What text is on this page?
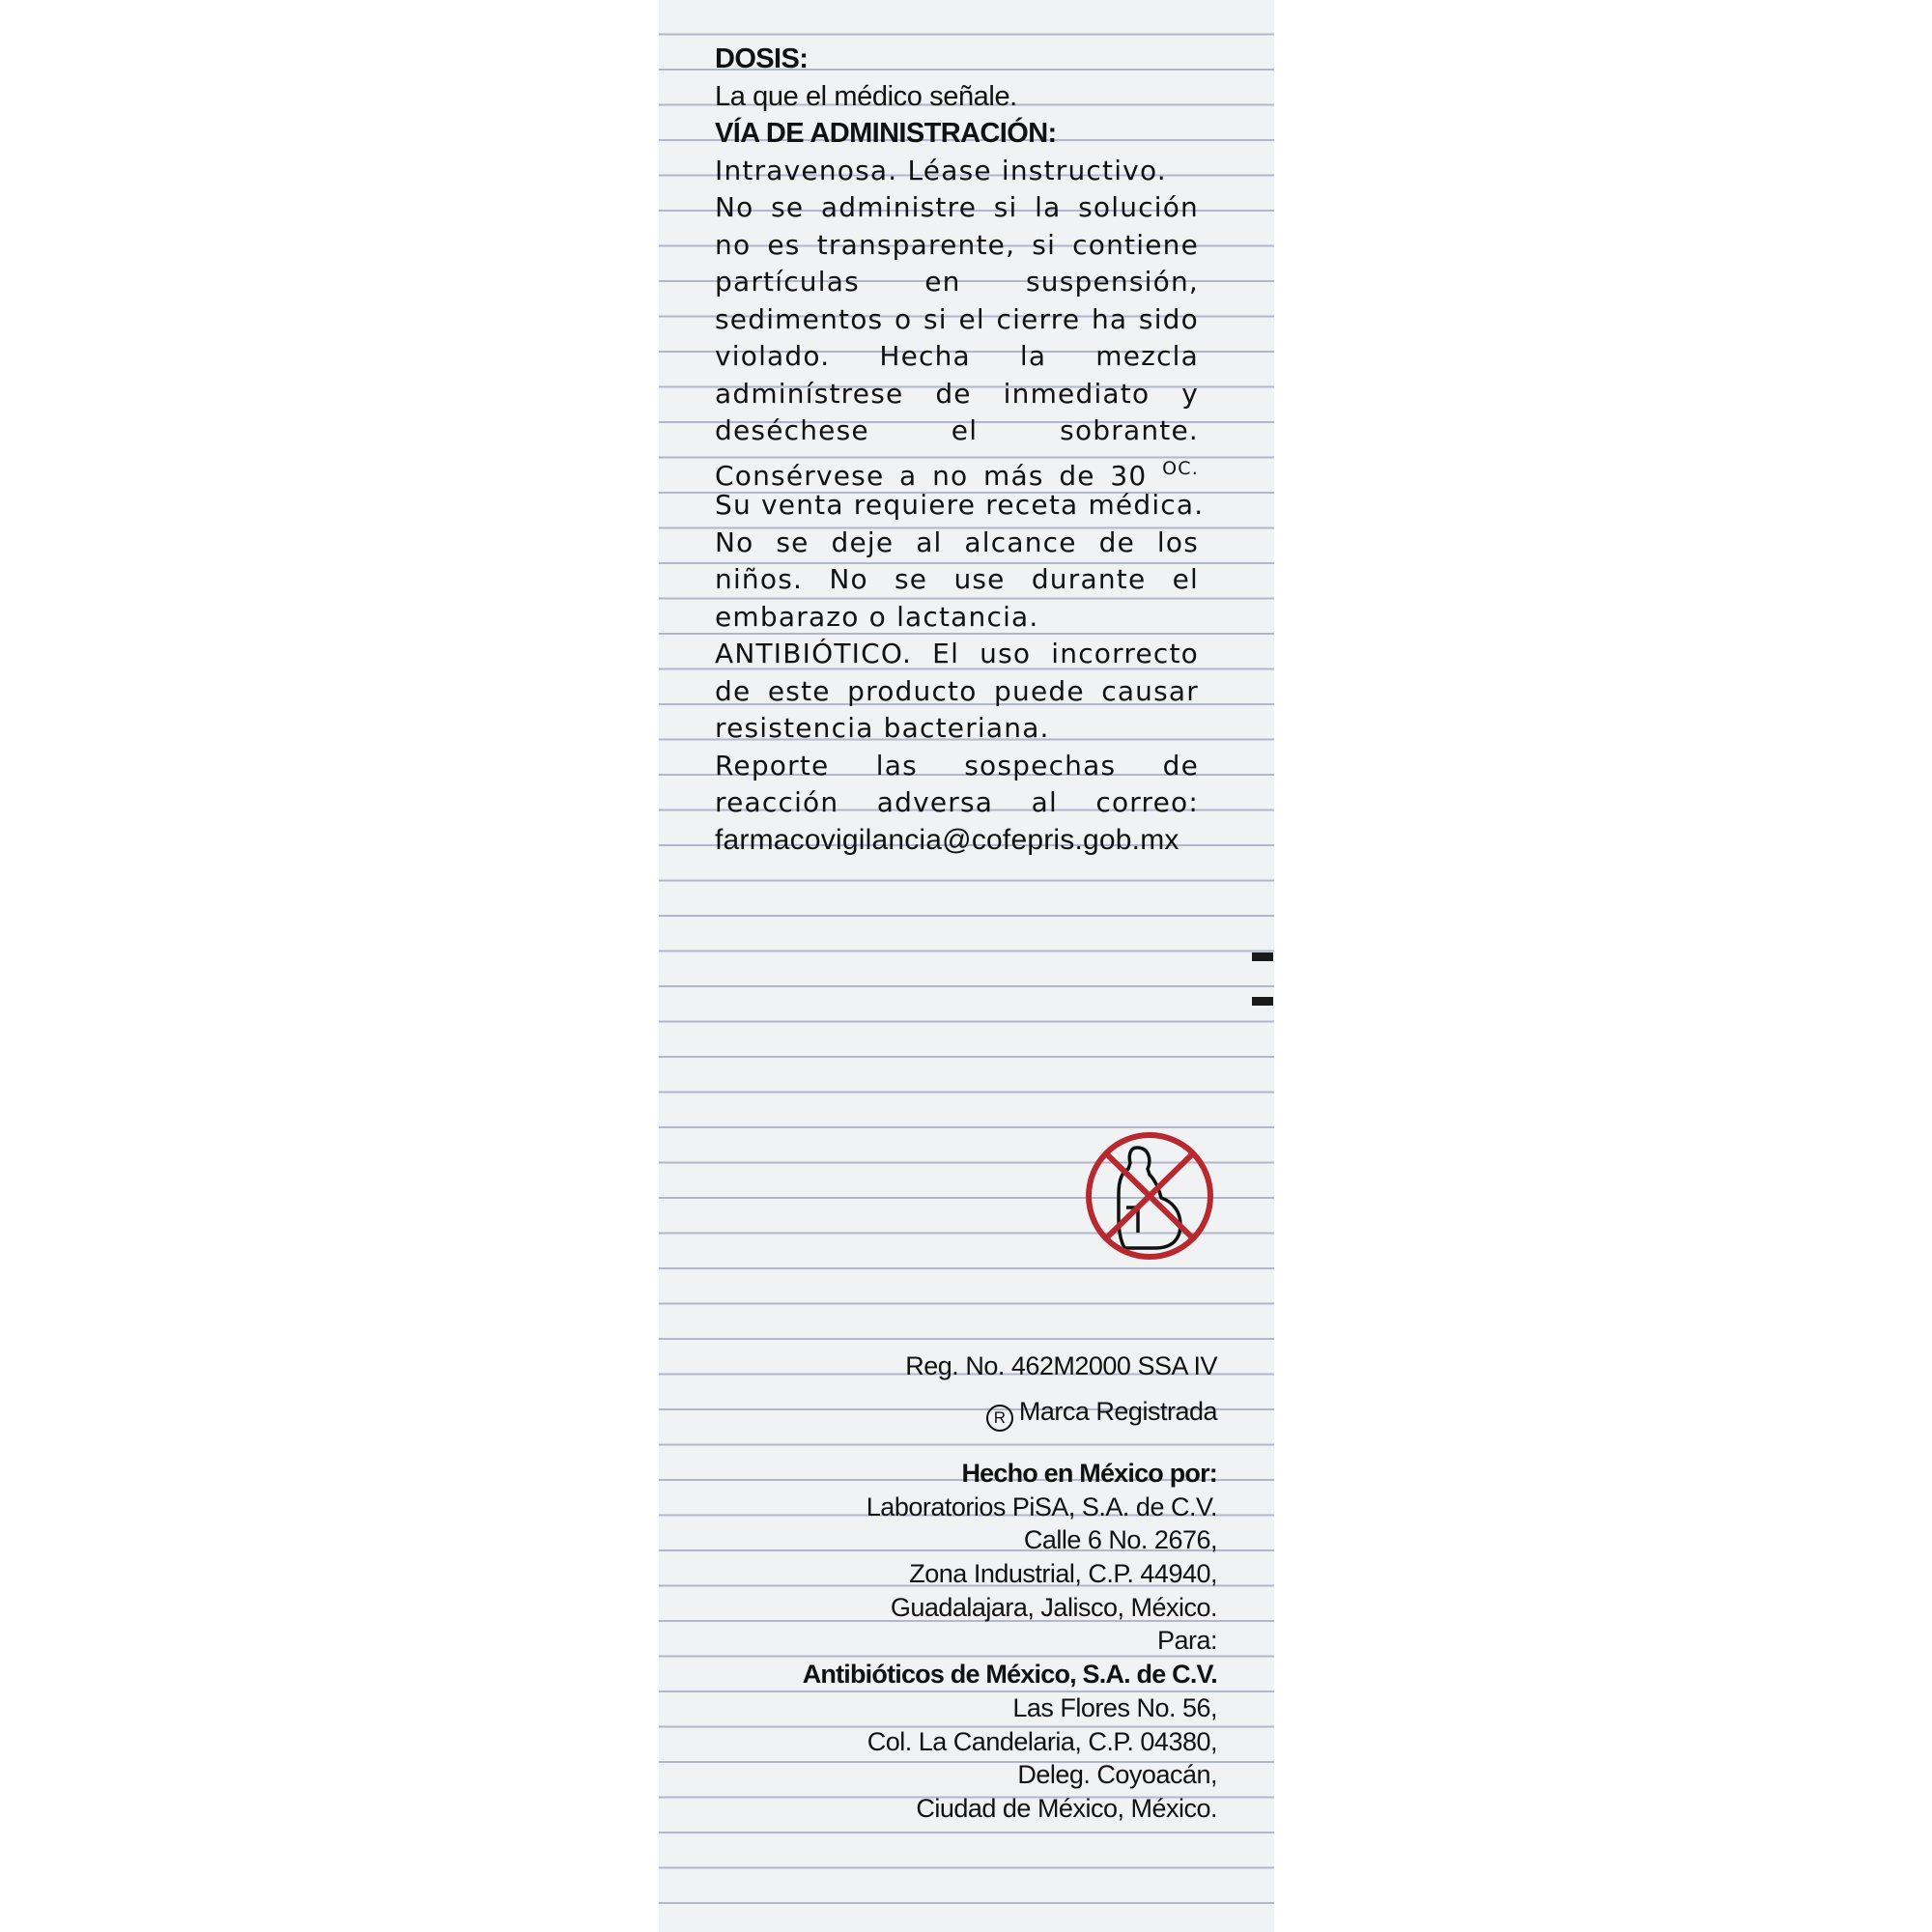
DOSIS:
La que el médico señale.
VÍA DE ADMINISTRACIÓN:
Intravenosa. Léase instructivo.
No se administre si la solución
no es transparente, si contiene
partículas en suspensión,
sedimentos o si el cierre ha sido
violado. Hecha la mezcla
adminístrese de inmediato y
deséchese el sobrante.
Consérvese a no más de 30 $^{OC.}$
Su venta requiere receta médica.
No se deje al alcance de los
niños. No se use durante el
embarazo o lactancia.
ANTIBIÓTICO. El uso incorrecto
de este producto puede causar
resistencia bacteriana.
Reporte las sospechas de
reacción adversa al correo:
farmacovigilancia@cofepris.gob.mx
Reg. No. 462M2000 SSA IV
R Marca Registrada
Hecho en México por:
Laboratorios PiSA, S.A. de C.V.
Calle 6 No. 2676,
Zona Industrial, C.P. 44940,
Guadalajara, Jalisco, México.
Para:
Antibióticos de México, S.A. de C.V.
Las Flores No. 56,
Col. La Candelaria, C.P. 04380,
Deleg. Coyoacán,
Ciudad de México, México.
